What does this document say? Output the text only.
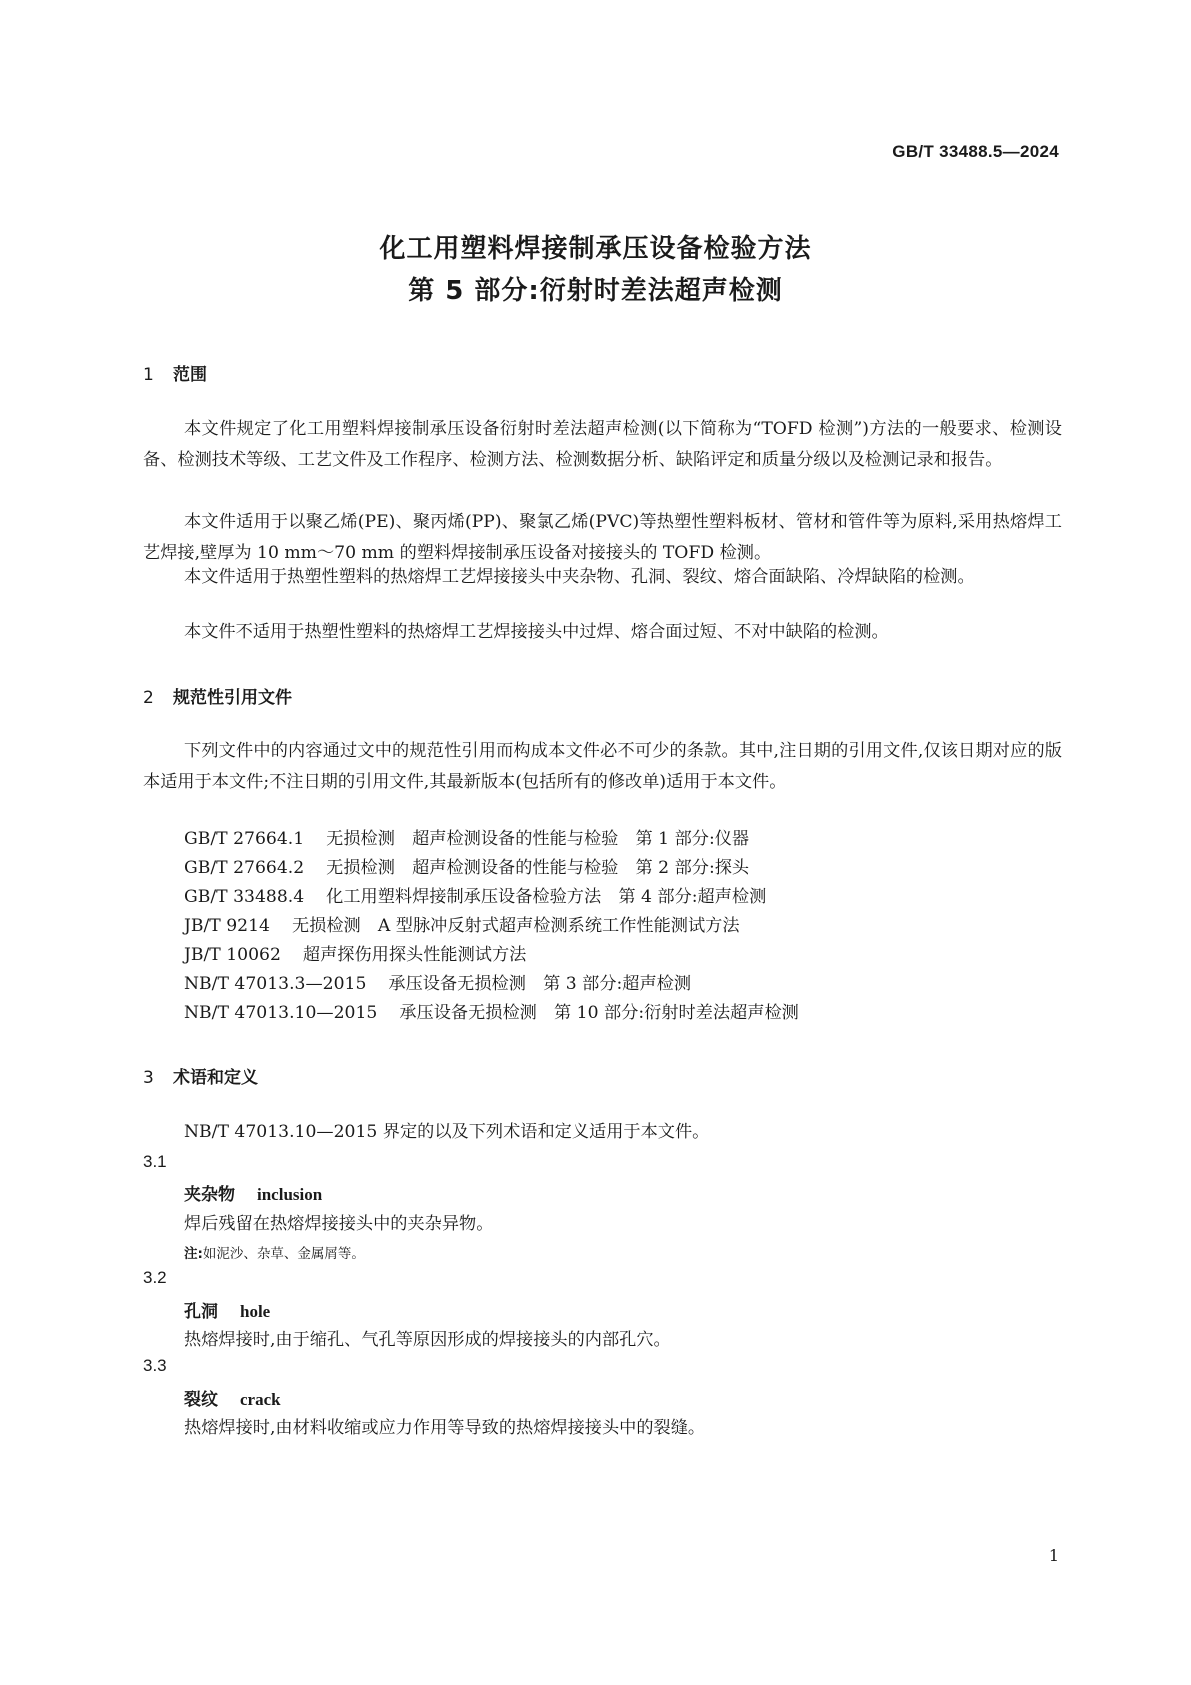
GB/T 33488.5—2024
化工用塑料焊接制承压设备检验方法
第 5 部分:衍射时差法超声检测
1 范围
本文件规定了化工用塑料焊接制承压设备衍射时差法超声检测(以下简称为“TOFD 检测”)方法的一般要求、检测设备、检测技术等级、工艺文件及工作程序、检测方法、检测数据分析、缺陷评定和质量分级以及检测记录和报告。
本文件适用于以聚乙烯(PE)、聚丙烯(PP)、聚氯乙烯(PVC)等热塑性塑料板材、管材和管件等为原料,采用热熔焊工艺焊接,壁厚为 10 mm～70 mm 的塑料焊接制承压设备对接接头的 TOFD 检测。
本文件适用于热塑性塑料的热熔焊工艺焊接接头中夹杂物、孔洞、裂纹、熔合面缺陷、冷焊缺陷的检测。
本文件不适用于热塑性塑料的热熔焊工艺焊接接头中过焊、熔合面过短、不对中缺陷的检测。
2 规范性引用文件
下列文件中的内容通过文中的规范性引用而构成本文件必不可少的条款。其中,注日期的引用文件,仅该日期对应的版本适用于本文件;不注日期的引用文件,其最新版本(包括所有的修改单)适用于本文件。
GB/T 27664.1 无损检测　超声检测设备的性能与检验　第 1 部分:仪器
GB/T 27664.2 无损检测　超声检测设备的性能与检验　第 2 部分:探头
GB/T 33488.4 化工用塑料焊接制承压设备检验方法　第 4 部分:超声检测
JB/T 9214 无损检测　A 型脉冲反射式超声检测系统工作性能测试方法
JB/T 10062 超声探伤用探头性能测试方法
NB/T 47013.3—2015 承压设备无损检测　第 3 部分:超声检测
NB/T 47013.10—2015 承压设备无损检测　第 10 部分:衍射时差法超声检测
3 术语和定义
NB/T 47013.10—2015 界定的以及下列术语和定义适用于本文件。
3.1
夹杂物 inclusion
焊后残留在热熔焊接接头中的夹杂异物。
注:如泥沙、杂草、金属屑等。
3.2
孔洞 hole
热熔焊接时,由于缩孔、气孔等原因形成的焊接接头的内部孔穴。
3.3
裂纹 crack
热熔焊接时,由材料收缩或应力作用等导致的热熔焊接接头中的裂缝。
1
